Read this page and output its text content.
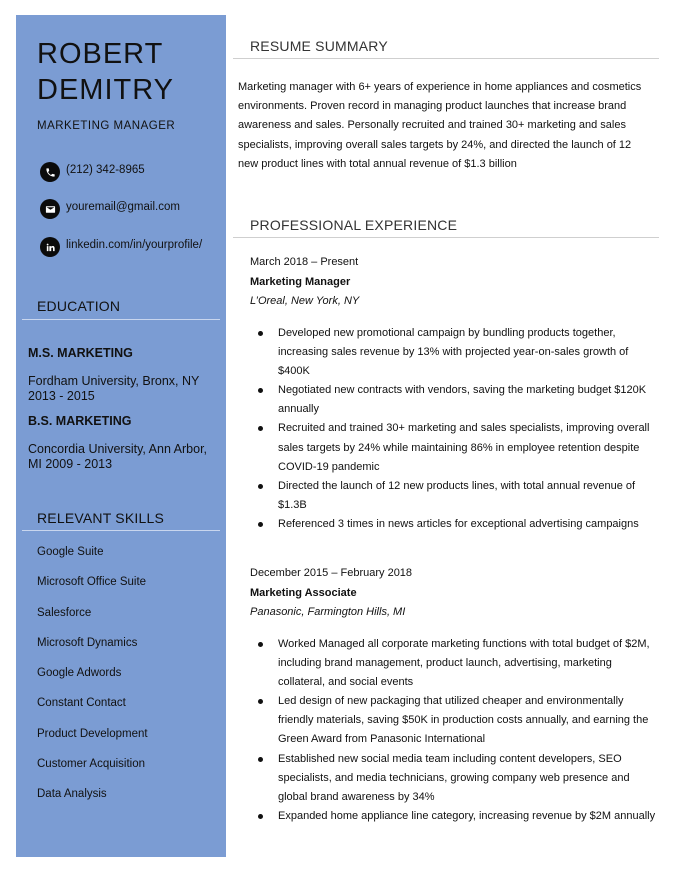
ROBERT
DEMITRY
MARKETING MANAGER
(212) 342-8965
youremail@gmail.com
linkedin.com/in/yourprofile/
EDUCATION
M.S. MARKETING
Fordham University, Bronx, NY
2013 - 2015
B.S. MARKETING
Concordia University, Ann Arbor, MI 2009 - 2013
RELEVANT SKILLS
Google Suite
Microsoft Office Suite
Salesforce
Microsoft Dynamics
Google Adwords
Constant Contact
Product Development
Customer Acquisition
Data Analysis
RESUME SUMMARY
Marketing manager with 6+ years of experience in home appliances and cosmetics environments. Proven record in managing product launches that increase brand awareness and sales. Personally recruited and trained 30+ marketing and sales specialists, improving overall sales targets by 24%, and directed the launch of 12 new product lines with total annual revenue of $1.3 billion
PROFESSIONAL EXPERIENCE
March 2018 – Present
Marketing Manager
L’Oreal, New York, NY
Developed new promotional campaign by bundling products together, increasing sales revenue by 13% with projected year-on-sales growth of $400K
Negotiated new contracts with vendors, saving the marketing budget $120K annually
Recruited and trained 30+ marketing and sales specialists, improving overall sales targets by 24% while maintaining 86% in employee retention despite COVID-19 pandemic
Directed the launch of 12 new products lines, with total annual revenue of $1.3B
Referenced 3 times in news articles for exceptional advertising campaigns
December 2015 – February 2018
Marketing Associate
Panasonic, Farmington Hills, MI
Worked Managed all corporate marketing functions with total budget of $2M, including brand management, product launch, advertising, marketing collateral, and social events
Led design of new packaging that utilized cheaper and environmentally friendly materials, saving $50K in production costs annually, and earning the Green Award from Panasonic International
Established new social media team including content developers, SEO specialists, and media technicians, growing company web presence and global brand awareness by 34%
Expanded home appliance line category, increasing revenue by $2M annually
